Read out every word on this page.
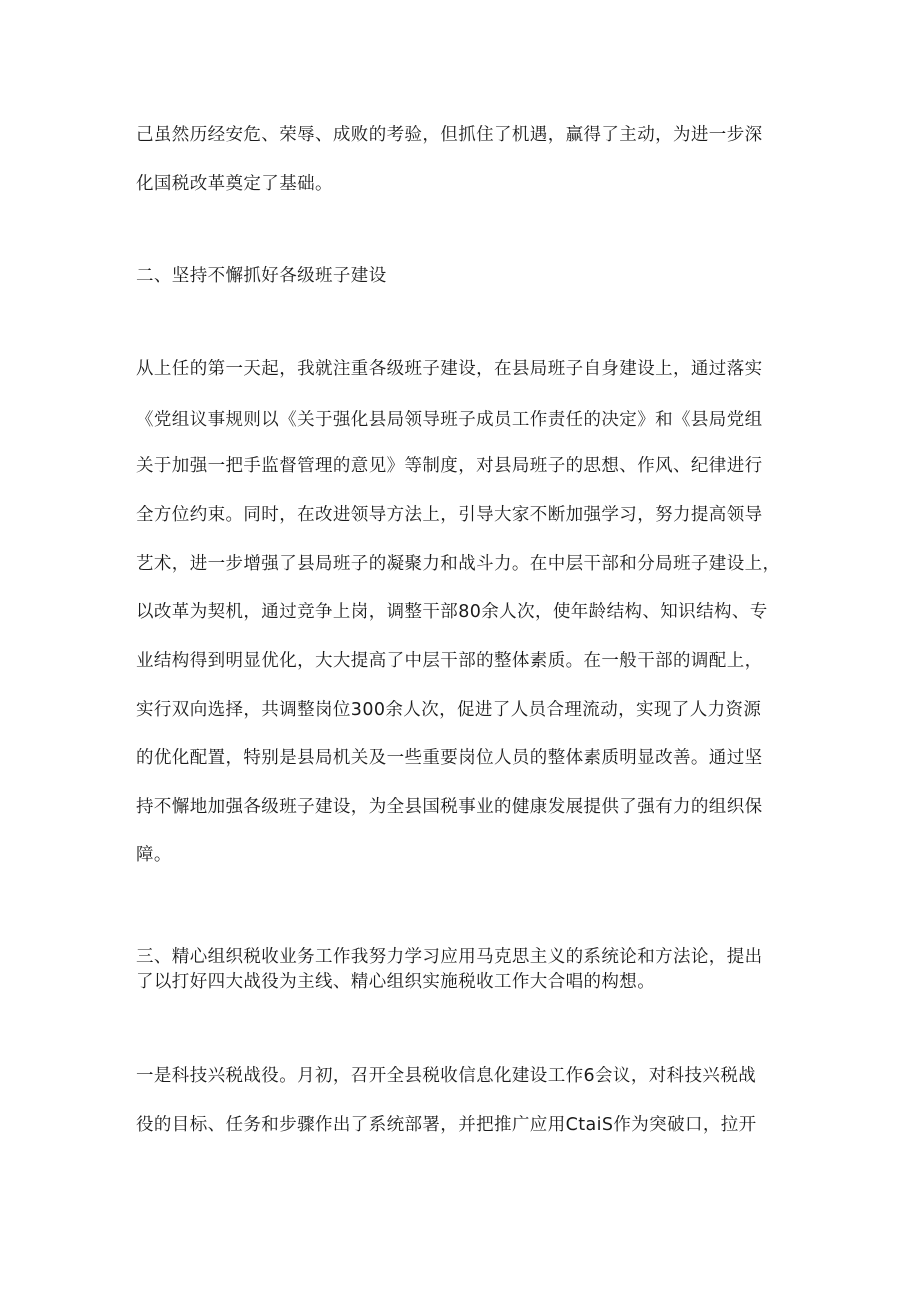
己虽然历经安危、荣辱、成败的考验，但抓住了机遇，赢得了主动，为进一步深
化国税改革奠定了基础。
二、坚持不懈抓好各级班子建设
从上任的第一天起，我就注重各级班子建设，在县局班子自身建设上，通过落实
《党组议事规则以《关于强化县局领导班子成员工作责任的决定》和《县局党组
关于加强一把手监督管理的意见》等制度，对县局班子的思想、作风、纪律进行
全方位约束。同时，在改进领导方法上，引导大家不断加强学习，努力提高领导
艺术，进一步增强了县局班子的凝聚力和战斗力。在中层干部和分局班子建设上，
以改革为契机，通过竞争上岗，调整干部80余人次，使年龄结构、知识结构、专
业结构得到明显优化，大大提高了中层干部的整体素质。在一般干部的调配上，
实行双向选择，共调整岗位300余人次，促进了人员合理流动，实现了人力资源
的优化配置，特别是县局机关及一些重要岗位人员的整体素质明显改善。通过坚
持不懈地加强各级班子建设，为全县国税事业的健康发展提供了强有力的组织保
障。
三、精心组织税收业务工作我努力学习应用马克思主义的系统论和方法论，提出
了以打好四大战役为主线、精心组织实施税收工作大合唱的构想。
一是科技兴税战役。月初，召开全县税收信息化建设工作6会议，对科技兴税战
役的目标、任务和步骤作出了系统部署，并把推广应用CtaiS作为突破口，拉开
